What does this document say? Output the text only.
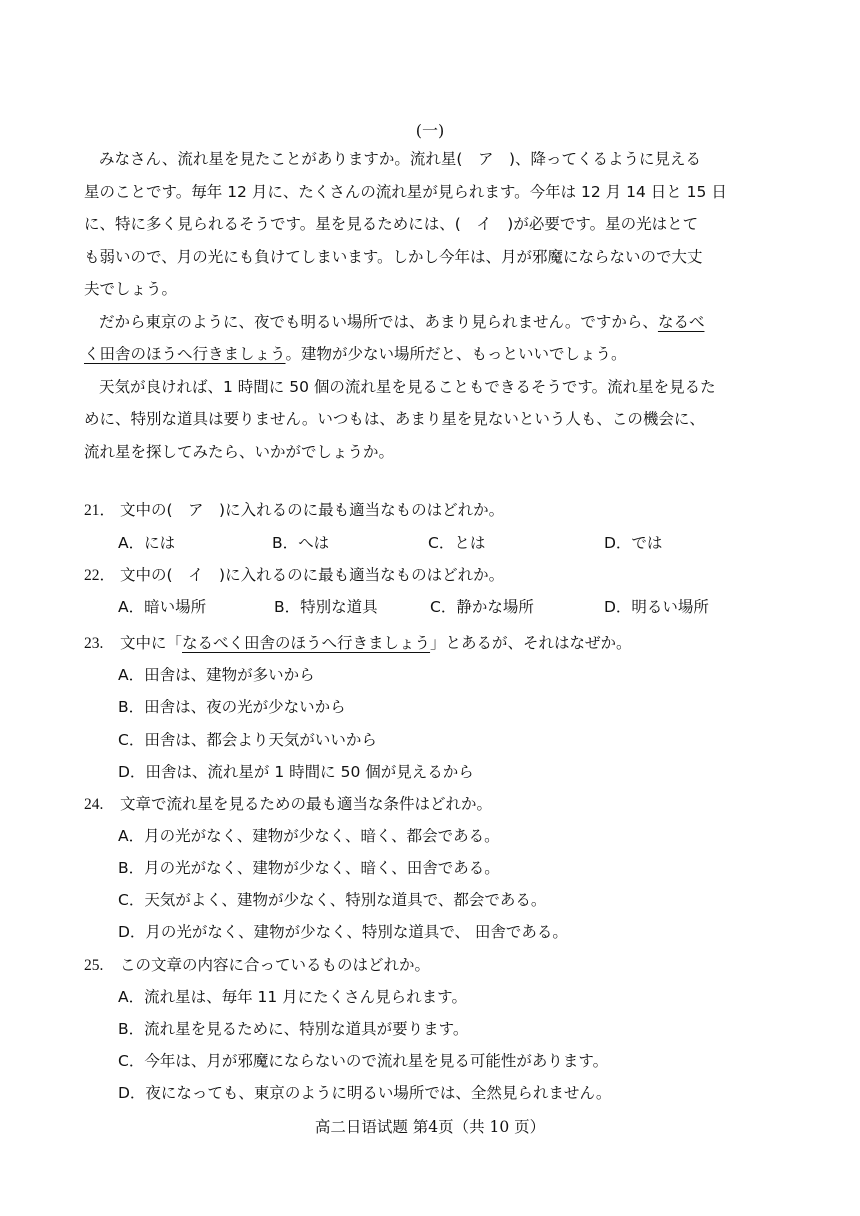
(一)
みなさん、流れ星を見たことがありますか。流れ星(　ア　)、降ってくるように見える
星のことです。毎年 12 月に、たくさんの流れ星が見られます。今年は 12 月 14 日と 15 日
に、特に多く見られるそうです。星を見るためには、(　イ　)が必要です。星の光はとて
も弱いので、月の光にも負けてしまいます。しかし今年は、月が邪魔にならないので大丈
夫でしょう。
だから東京のように、夜でも明るい場所では、あまり見られません。ですから、なるべ
く田舎のほうへ行きましょう。建物が少ない場所だと、もっといいでしょう。
天気が良ければ、1 時間に 50 個の流れ星を見ることもできるそうです。流れ星を見るた
めに、特別な道具は要りません。いつもは、あまり星を見ないという人も、この機会に、
流れ星を探してみたら、いかがでしょうか。
21． 文中の(　ア　)に入れるのに最も適当なものはどれか。
A．には	B．へは	C．とは	D．では
22． 文中の(　イ　)に入れるのに最も適当なものはどれか。
A．暗い場所	B．特別な道具	C．静かな場所	D．明るい場所
23. 文中に「なるべく田舎のほうへ行きましょう」とあるが、それはなぜか。
A．田舎は、建物が多いから
B．田舎は、夜の光が少ないから
C．田舎は、都会より天気がいいから
D．田舎は、流れ星が 1 時間に 50 個が見えるから
24. 文章で流れ星を見るための最も適当な条件はどれか。
A．月の光がなく、建物が少なく、暗く、都会である。
B．月の光がなく、建物が少なく、暗く、田舎である。
C．天気がよく、建物が少なく、特別な道具で、都会である。
D．月の光がなく、建物が少なく、特別な道具で、 田舎である。
25. この文章の内容に合っているものはどれか。
A．流れ星は、毎年 11 月にたくさん見られます。
B．流れ星を見るために、特別な道具が要ります。
C．今年は、月が邪魔にならないので流れ星を見る可能性があります。
D．夜になっても、東京のように明るい場所では、全然見られません。
高二日语试题 第4页（共 10 页）
